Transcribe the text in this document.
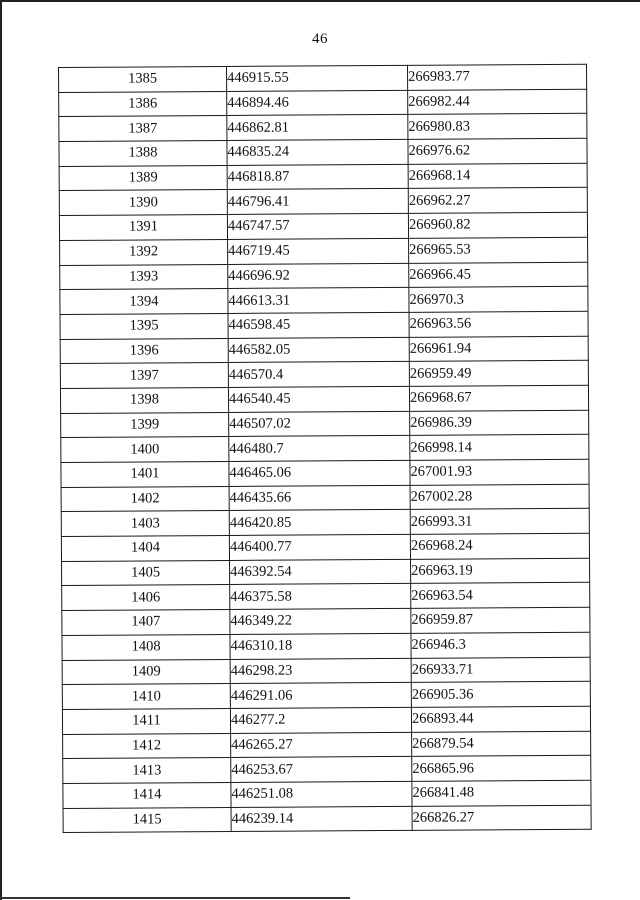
46
1385	446915.55	266983.77
1386	446894.46	266982.44
1387	446862.81	266980.83
1388	446835.24	266976.62
1389	446818.87	266968.14
1390	446796.41	266962.27
1391	446747.57	266960.82
1392	446719.45	266965.53
1393	446696.92	266966.45
1394	446613.31	266970.3
1395	446598.45	266963.56
1396	446582.05	266961.94
1397	446570.4	266959.49
1398	446540.45	266968.67
1399	446507.02	266986.39
1400	446480.7	266998.14
1401	446465.06	267001.93
1402	446435.66	267002.28
1403	446420.85	266993.31
1404	446400.77	266968.24
1405	446392.54	266963.19
1406	446375.58	266963.54
1407	446349.22	266959.87
1408	446310.18	266946.3
1409	446298.23	266933.71
1410	446291.06	266905.36
1411	446277.2	266893.44
1412	446265.27	266879.54
1413	446253.67	266865.96
1414	446251.08	266841.48
1415	446239.14	266826.27
